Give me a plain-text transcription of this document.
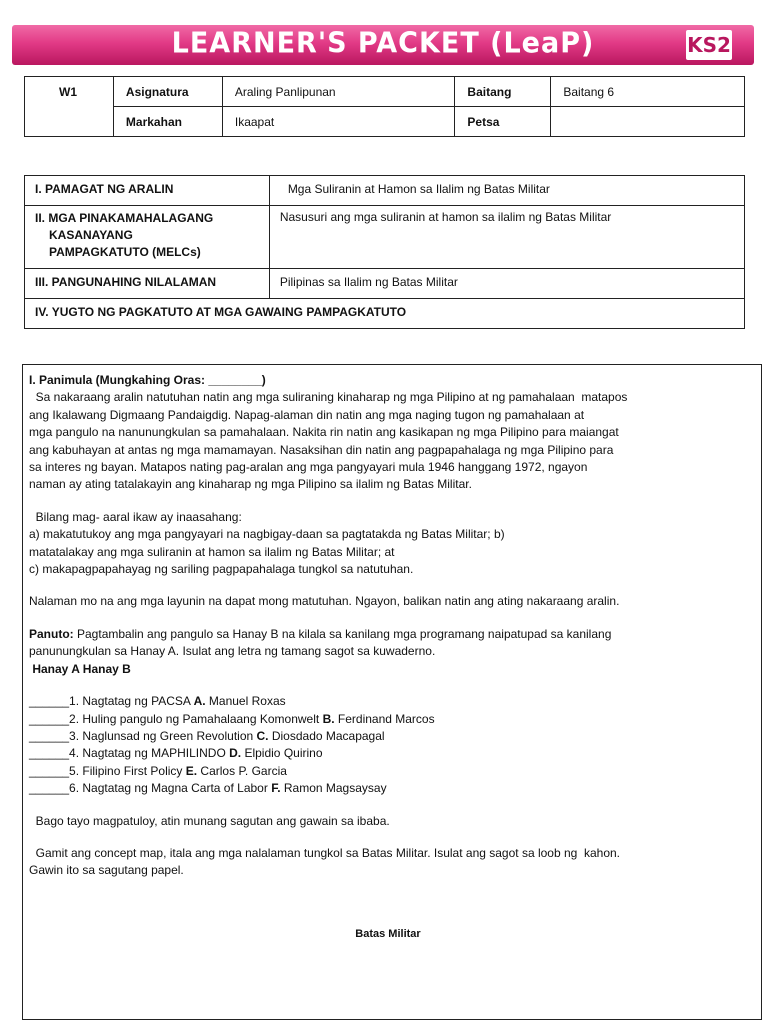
LEARNER'S PACKET (LeaP)	KS2
W1	Asignatura	Araling Panlipunan	Baitang	Baitang 6
	Markahan	Ikaapat	Petsa	
I. PAMAGAT NG ARALIN	Mga Suliranin at Hamon sa Ilalim ng Batas Militar

II. MGA PINAKAMAHALAGANG
KASANAYANG
PAMPAGKATUTO (MELCs)	Nasusuri ang mga suliranin at hamon sa ilalim ng Batas Militar
III. PANGUNAHING NILALAMAN	Pilipinas sa Ilalim ng Batas Militar
IV. YUGTO NG PAGKATUTO AT MGA GAWAING PAMPAGKATUTO	

I. Panimula (Mungkahing Oras: ________)

Sa nakaraang aralin natutuhan natin ang mga suliraning kinaharap ng mga Pilipino at ng pamahalaan  matapos

ang Ikalawang Digmaang Pandaigdig. Napag-alaman din natin ang mga naging tugon ng pamahalaan at

mga pangulo na nanunungkulan sa pamahalaan. Nakita rin natin ang kasikapan ng mga Pilipino para maiangat

ang kabuhayan at antas ng mga mamamayan. Nasaksihan din natin ang pagpapahalaga ng mga Pilipino para

sa interes ng bayan. Matapos nating pag-aralan ang mga pangyayari mula 1946 hanggang 1972, ngayon

naman ay ating tatalakayin ang kinaharap ng mga Pilipino sa ilalim ng Batas Militar.

Bilang mag- aaral ikaw ay inaasahang:

a) makatutukoy ang mga pangyayari na nagbigay-daan sa pagtatakda ng Batas Militar; b)

matatalakay ang mga suliranin at hamon sa ilalim ng Batas Militar; at

c) makapagpapahayag ng sariling pagpapahalaga tungkol sa natutuhan.

Nalaman mo na ang mga layunin na dapat mong matutuhan. Ngayon, balikan natin ang ating nakaraang aralin.

Panuto: Pagtambalin ang pangulo sa Hanay B na kilala sa kanilang mga programang naipatupad sa kanilang

panunungkulan sa Hanay A. Isulat ang letra ng tamang sagot sa kuwaderno.

Hanay A Hanay B

______1. Nagtatag ng PACSA A. Manuel Roxas

______2. Huling pangulo ng Pamahalaang Komonwelt B. Ferdinand Marcos

______3. Naglunsad ng Green Revolution C. Diosdado Macapagal

______4. Nagtatag ng MAPHILINDO D. Elpidio Quirino

______5. Filipino First Policy E. Carlos P. Garcia

______6. Nagtatag ng Magna Carta of Labor F. Ramon Magsaysay

Bago tayo magpatuloy, atin munang sagutan ang gawain sa ibaba.

Gamit ang concept map, itala ang mga nalalaman tungkol sa Batas Militar. Isulat ang sagot sa loob ng  kahon.

Gawin ito sa sagutang papel.

Batas Militar
